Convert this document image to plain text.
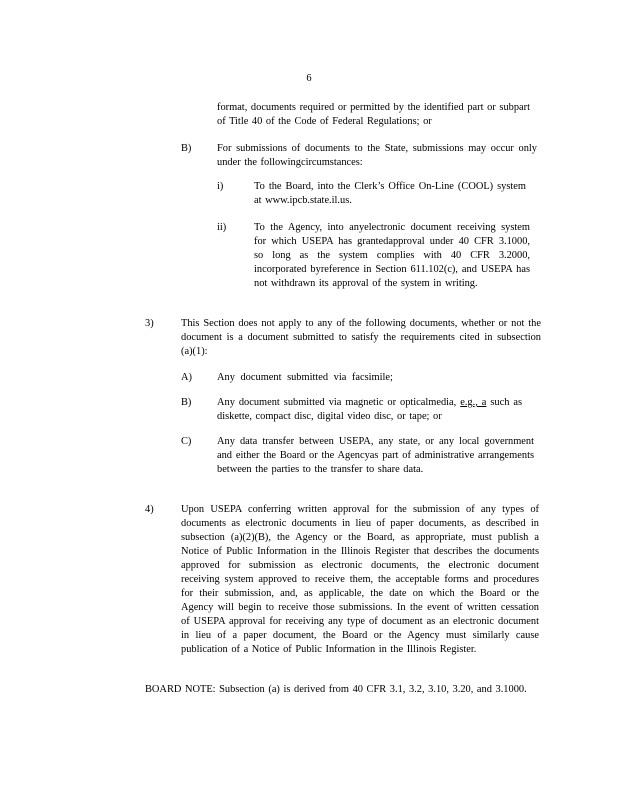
6

format, documents required or permitted by the identified part or subpart of Title 40 of the Code of Federal Regulations; or

B) For submissions of documents to the State, submissions may occur only under the followingcircumstances:

i)	To the Board, into the Clerk’s Office On-Line (COOL) system at www.ipcb.state.il.us.

ii)	To the Agency, into anyelectronic document receiving system for which USEPA has grantedapproval under 40 CFR 3.1000, so long as the system complies with 40 CFR 3.2000, incorporated byreference in Section 611.102(c), and USEPA has not withdrawn its approval of the system in writing.

3)	This Section does not apply to any of the following documents, whether or not the document is a document submitted to satisfy the requirements cited in subsection (a)(1):

A) Any document submitted via facsimile;

B) Any document submitted via magnetic or opticalmedia, e.g., a such as diskette, compact disc, digital video disc, or tape; or

C) Any data transfer between USEPA, any state, or any local government and either the Board or the Agencyas part of administrative arrangements between the parties to the transfer to share data.

4)	Upon USEPA conferring written approval for the submission of any types of documents as electronic documents in lieu of paper documents, as described in subsection (a)(2)(B), the Agency or the Board, as appropriate, must publish a Notice of Public Information in the Illinois Register that describes the documents approved for submission as electronic documents, the electronic document receiving system approved to receive them, the acceptable forms and procedures for their submission, and, as applicable, the date on which the Board or the Agency will begin to receive those submissions. In the event of written cessation of USEPA approval for receiving any type of document as an electronic document in lieu of a paper document, the Board or the Agency must similarly cause publication of a Notice of Public Information in the Illinois Register.

BOARD NOTE: Subsection (a) is derived from 40 CFR 3.1, 3.2, 3.10, 3.20, and 3.1000.
